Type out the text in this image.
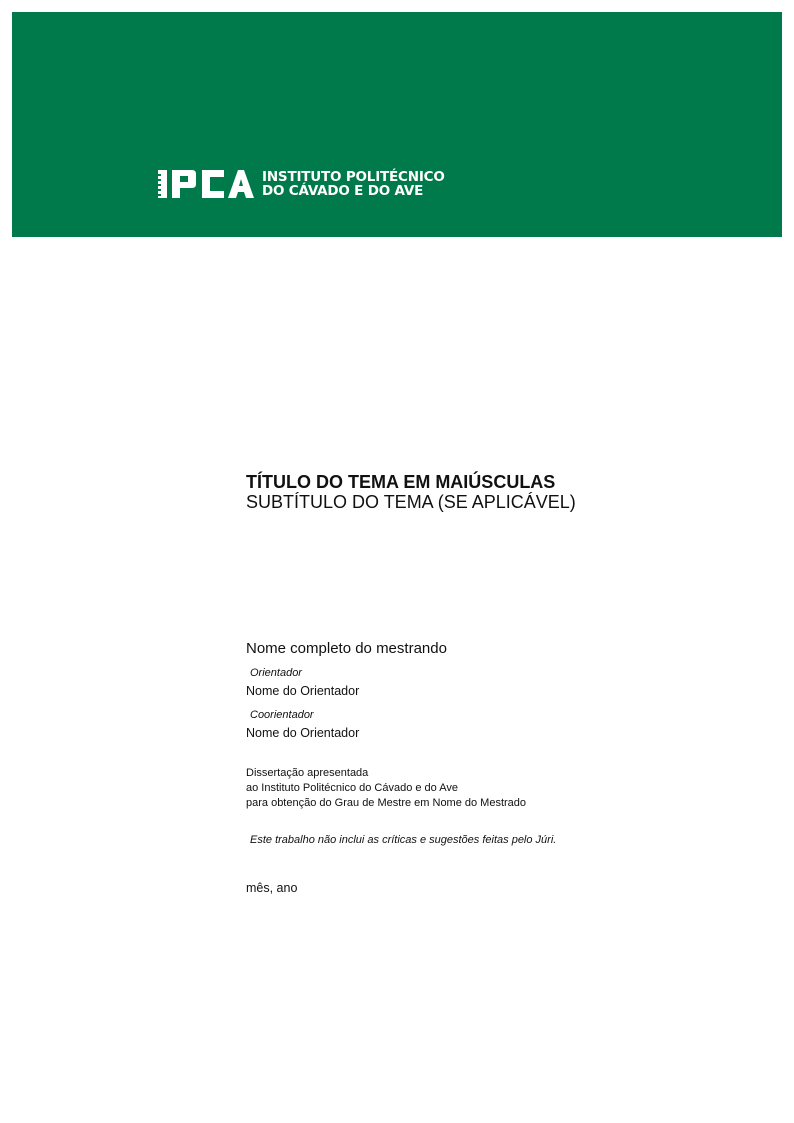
INSTITUTO POLITÉCNICO
DO CÁVADO E DO AVE

TÍTULO DO TEMA EM MAIÚSCULAS

SUBTÍTULO DO TEMA (SE APLICÁVEL)

Nome completo do mestrando

Orientador

Nome do Orientador

Coorientador

Nome do Orientador

Dissertação apresentada

ao Instituto Politécnico do Cávado e do Ave

para obtenção do Grau de Mestre em Nome do Mestrado

Este trabalho não inclui as críticas e sugestões feitas pelo Júri.

mês, ano
